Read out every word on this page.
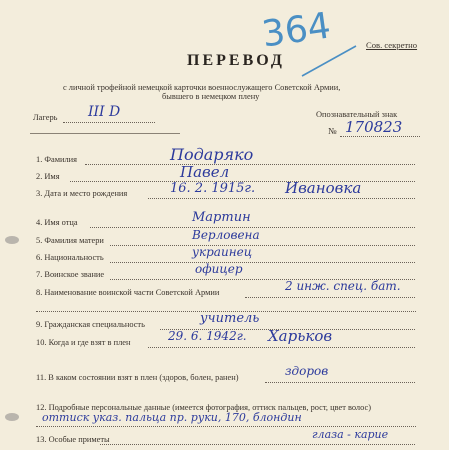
Сов. секретно
ПЕРЕВОД
364
с личной трофейной немецкой карточки военнослужащего Советской Армии,
бывшего в немецком плену
Лагерь III D	Опознавательный знак
№ 170823
1. Фамилия	Подаряко
2. Имя	Павел
3. Дата и место рождения	16. 2. 1915г. Ивановка
4. Имя отца	Мартин
5. Фамилия матери	Верловена
6. Национальность	украинец
7. Воинское звание	офицер
8. Наименование воинской части Советской Армии	2 инж. спец. бат.
9. Гражданская специальность	учитель
10. Когда и где взят в плен	29. 6. 1942г. Харьков
11. В каком состоянии взят в плен (здоров, болен, ранен)	здоров
12. Подробные персональные данные (имеется фотография, оттиск пальцев, рост, цвет волос)
оттиск указ. пальца пр. руки, 170, блондин
13. Особые приметы	глаза - карие
